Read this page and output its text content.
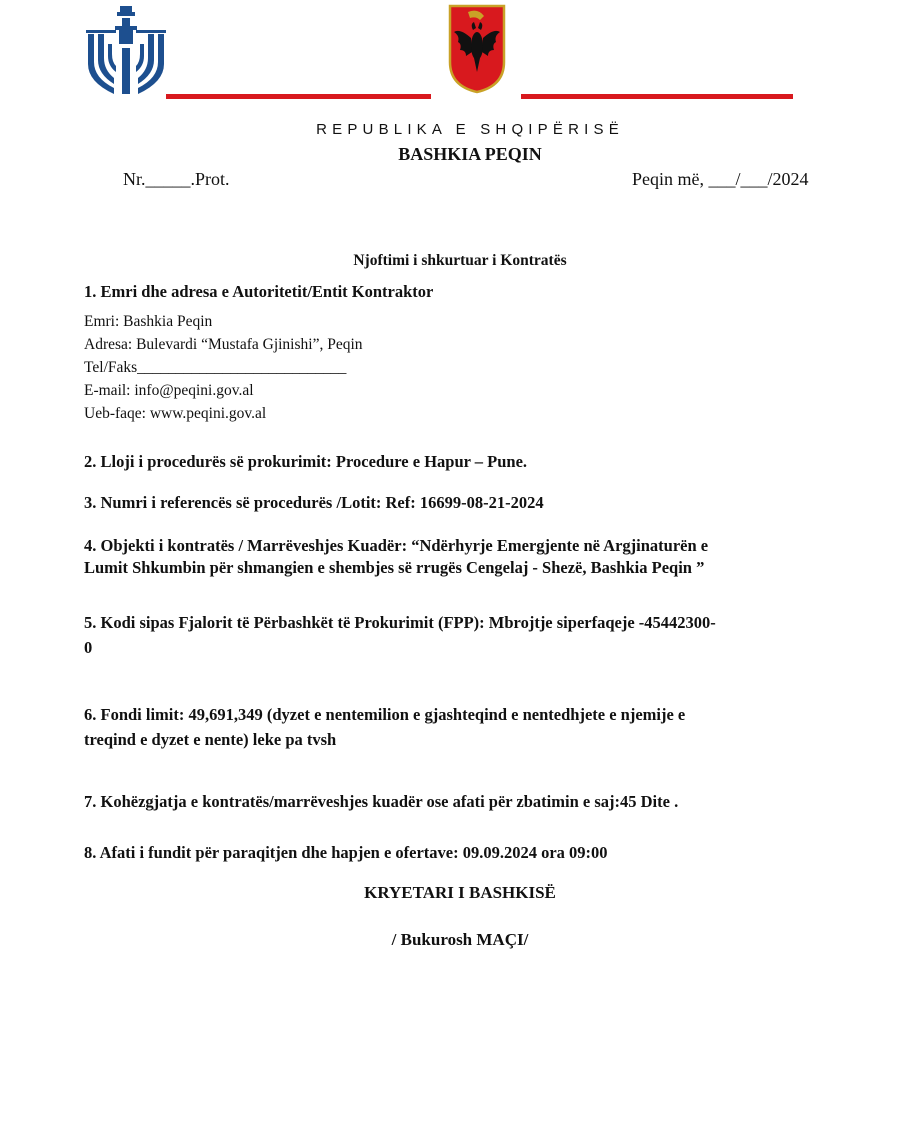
REPUBLIKA E SHQIPËRISË
BASHKIA PEQIN
Nr._____.Prot.	Peqin më, ___/___/2024
Njoftimi i shkurtuar i Kontratës
1. Emri dhe adresa e Autoritetit/Entit Kontraktor
Emri: Bashkia Peqin
Adresa: Bulevardi “Mustafa Gjinishi”, Peqin
Tel/Faks___________________________
E-mail: info@peqini.gov.al
Ueb-faqe: www.peqini.gov.al
2. Lloji i procedurës së prokurimit: Procedure e Hapur – Pune.
3. Numri i referencës së procedurës /Lotit: Ref: 16699-08-21-2024
4. Objekti i kontratës / Marrëveshjes Kuadër: “Ndërhyrje Emergjente në Argjinaturën e
Lumit Shkumbin për shmangien e shembjes së rrugës Cengelaj - Shezë, Bashkia Peqin ”
5. Kodi sipas Fjalorit të Përbashkët të Prokurimit (FPP): Mbrojtje siperfaqeje -45442300-
0
6. Fondi limit: 49,691,349 (dyzet e nentemilion e gjashteqind e nentedhjete e njemije e
treqind e dyzet e nente) leke pa tvsh
7. Kohëzgjatja e kontratës/marrëveshjes kuadër ose afati për zbatimin e saj:45 Dite .
8. Afati i fundit për paraqitjen dhe hapjen e ofertave: 09.09.2024 ora 09:00
KRYETARI I BASHKISË
/ Bukurosh MAÇI/
